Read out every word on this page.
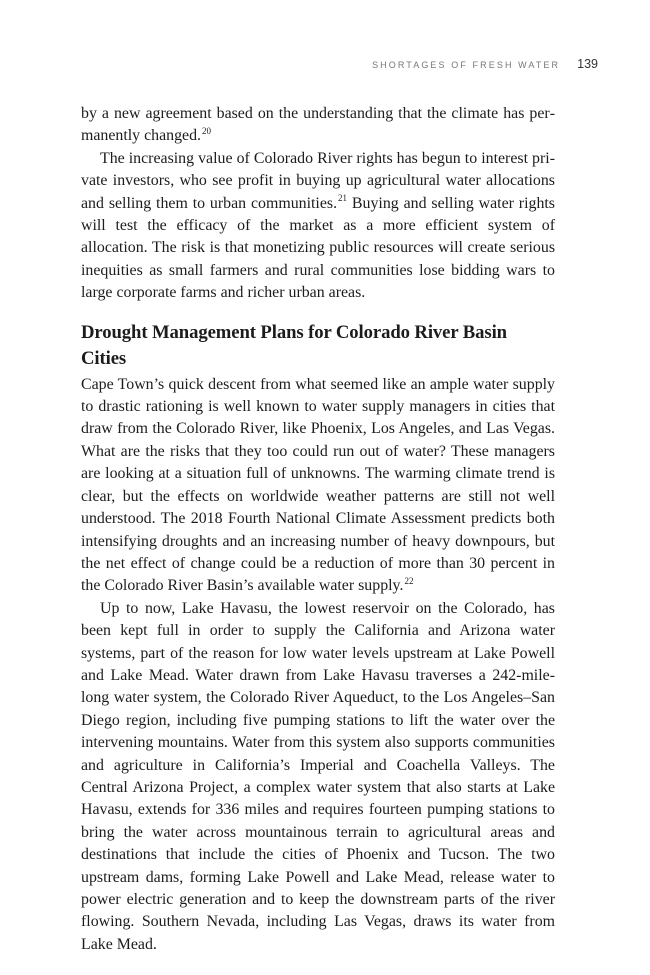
SHORTAGES OF FRESH WATER 139

by a new agreement based on the understanding that the climate has permanently changed.$^{20}$

The increasing value of Colorado River rights has begun to interest private investors, who see profit in buying up agricultural water allocations and selling them to urban communities.$^{21}$ Buying and selling water rights will test the efficacy of the market as a more efficient system of allocation. The risk is that monetizing public resources will create serious inequities as small farmers and rural communities lose bidding wars to large corporate farms and richer urban areas.

Drought Management Plans for Colorado River Basin Cities

Cape Town’s quick descent from what seemed like an ample water supply to drastic rationing is well known to water supply managers in cities that draw from the Colorado River, like Phoenix, Los Angeles, and Las Vegas. What are the risks that they too could run out of water? These managers are looking at a situation full of unknowns. The warming climate trend is clear, but the effects on worldwide weather patterns are still not well understood. The 2018 Fourth National Climate Assessment predicts both intensifying droughts and an increasing number of heavy downpours, but the net effect of change could be a reduction of more than 30 percent in the Colorado River Basin’s available water supply.$^{22}$

Up to now, Lake Havasu, the lowest reservoir on the Colorado, has been kept full in order to supply the California and Arizona water systems, part of the reason for low water levels upstream at Lake Powell and Lake Mead. Water drawn from Lake Havasu traverses a 242-mile-long water system, the Colorado River Aqueduct, to the Los Angeles–San Diego region, including five pumping stations to lift the water over the intervening mountains. Water from this system also supports communities and agriculture in California’s Imperial and Coachella Valleys. The Central Arizona Project, a complex water system that also starts at Lake Havasu, extends for 336 miles and requires fourteen pumping stations to bring the water across mountainous terrain to agricultural areas and destinations that include the cities of Phoenix and Tucson. The two upstream dams, forming Lake Powell and Lake Mead, release water to power electric generation and to keep the downstream parts of the river flowing. Southern Nevada, including Las Vegas, draws its water from Lake Mead.
